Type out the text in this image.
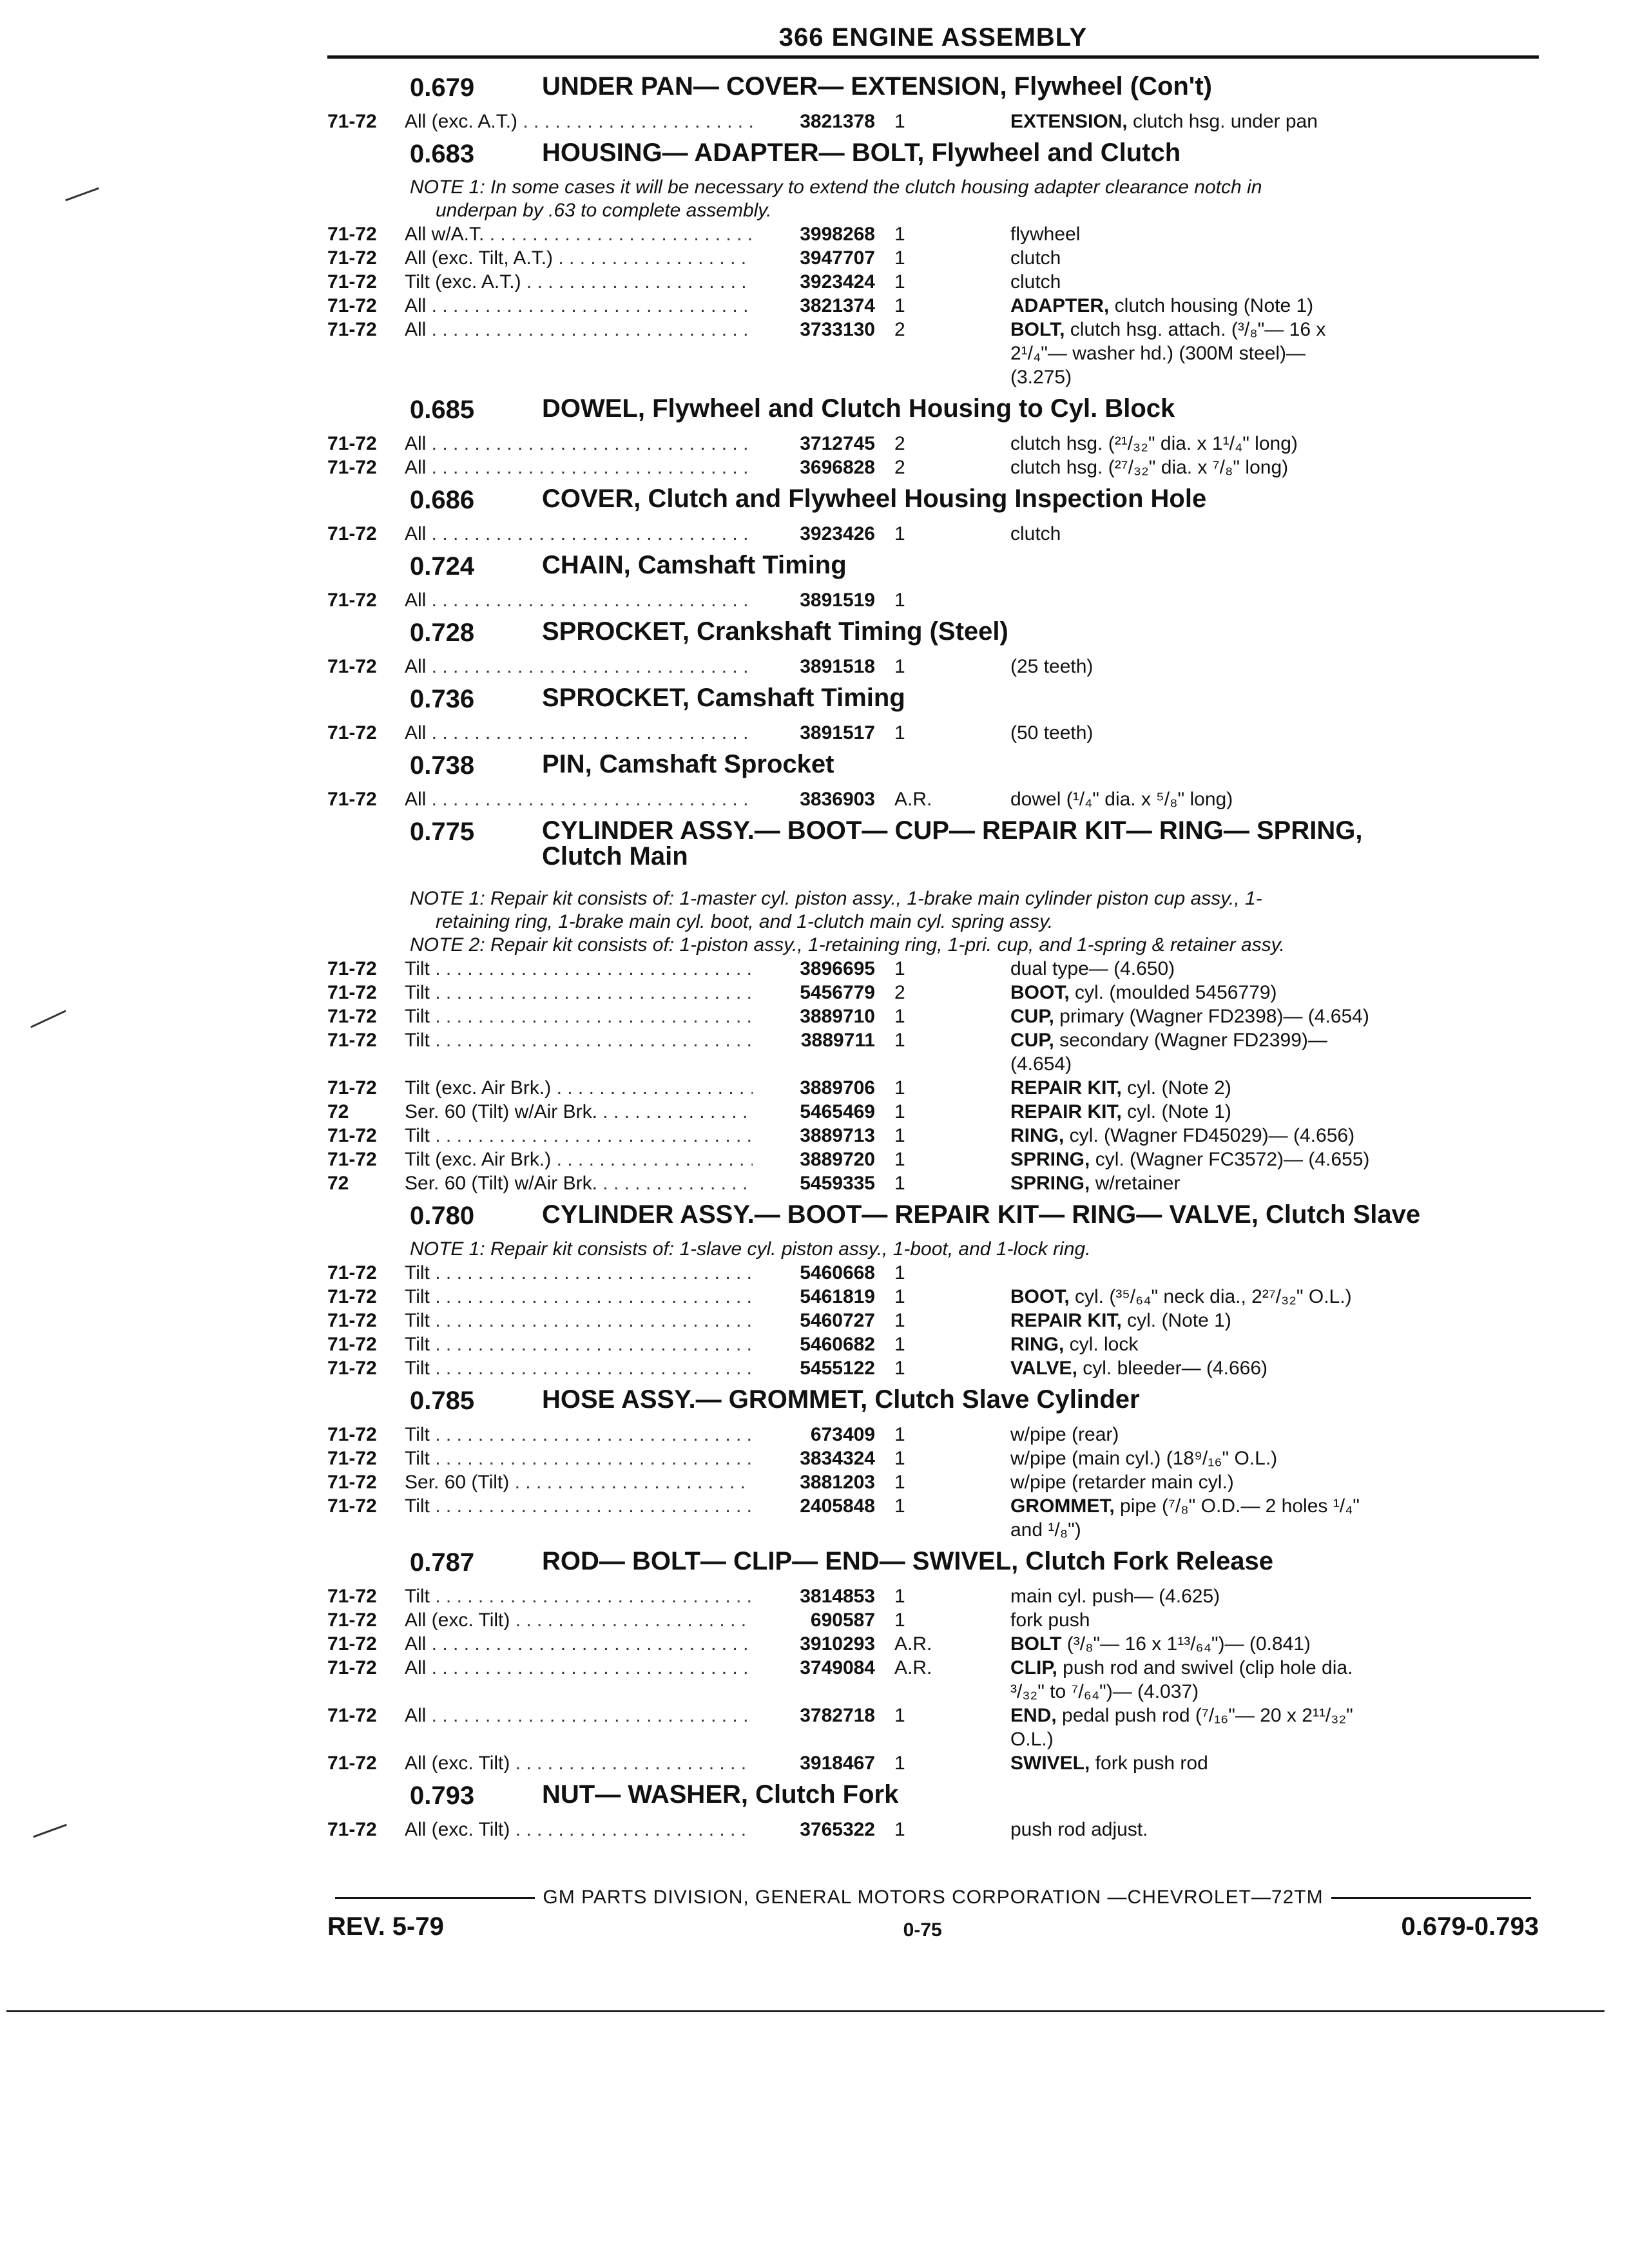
366 ENGINE ASSEMBLY
0.679	UNDER PAN— COVER— EXTENSION, Flywheel (Con't)
71-72	All (exc. A.T.) . . .	3821378	1	EXTENSION, clutch hsg. under pan
0.683	HOUSING— ADAPTER— BOLT, Flywheel and Clutch
NOTE 1: In some cases it will be necessary to extend the clutch housing adapter clearance notch in
underpan by .63 to complete assembly.
71-72	All w/A.T. . . .	3998268	1	flywheel
71-72	All (exc. Tilt, A.T.) . . .	3947707	1	clutch
71-72	Tilt (exc. A.T.) . . .	3923424	1	clutch
71-72	All . . .	3821374	1	ADAPTER, clutch housing (Note 1)
71-72	All . . .	3733130	2	BOLT, clutch hsg. attach. (³/₈"— 16 x
2¹/₄"— washer hd.) (300M steel)—
(3.275)
0.685	DOWEL, Flywheel and Clutch Housing to Cyl. Block
71-72	All . . .	3712745	2	clutch hsg. (²¹/₃₂" dia. x 1¹/₄" long)
71-72	All . . .	3696828	2	clutch hsg. (²⁷/₃₂" dia. x ⁷/₈" long)
0.686	COVER, Clutch and Flywheel Housing Inspection Hole
71-72	All . . .	3923426	1	clutch
0.724	CHAIN, Camshaft Timing
71-72	All . . .	3891519	1
0.728	SPROCKET, Crankshaft Timing (Steel)
71-72	All . . .	3891518	1	(25 teeth)
0.736	SPROCKET, Camshaft Timing
71-72	All . . .	3891517	1	(50 teeth)
0.738	PIN, Camshaft Sprocket
71-72	All . . .	3836903	A.R.	dowel (¹/₄" dia. x ⁵/₈" long)
0.775	CYLINDER ASSY.— BOOT— CUP— REPAIR KIT— RING— SPRING,
Clutch Main
NOTE 1: Repair kit consists of: 1-master cyl. piston assy., 1-brake main cylinder piston cup assy., 1-
retaining ring, 1-brake main cyl. boot, and 1-clutch main cyl. spring assy.
NOTE 2: Repair kit consists of: 1-piston assy., 1-retaining ring, 1-pri. cup, and 1-spring & retainer assy.
71-72	Tilt . . .	3896695	1	dual type— (4.650)
71-72	Tilt . . .	5456779	2	BOOT, cyl. (moulded 5456779)
71-72	Tilt . . .	3889710	1	CUP, primary (Wagner FD2398)— (4.654)
71-72	Tilt . . .	3889711	1	CUP, secondary (Wagner FD2399)—
(4.654)
71-72	Tilt (exc. Air Brk.) . . .	3889706	1	REPAIR KIT, cyl. (Note 2)
72	Ser. 60 (Tilt) w/Air Brk. . . .	5465469	1	REPAIR KIT, cyl. (Note 1)
71-72	Tilt . . .	3889713	1	RING, cyl. (Wagner FD45029)— (4.656)
71-72	Tilt (exc. Air Brk.) . . .	3889720	1	SPRING, cyl. (Wagner FC3572)— (4.655)
72	Ser. 60 (Tilt) w/Air Brk. . . .	5459335	1	SPRING, w/retainer
0.780	CYLINDER ASSY.— BOOT— REPAIR KIT— RING— VALVE, Clutch Slave
NOTE 1: Repair kit consists of: 1-slave cyl. piston assy., 1-boot, and 1-lock ring.
71-72	Tilt . . .	5460668	1
71-72	Tilt . . .	5461819	1	BOOT, cyl. (³⁵/₆₄" neck dia., 2²⁷/₃₂" O.L.)
71-72	Tilt . . .	5460727	1	REPAIR KIT, cyl. (Note 1)
71-72	Tilt . . .	5460682	1	RING, cyl. lock
71-72	Tilt . . .	5455122	1	VALVE, cyl. bleeder— (4.666)
0.785	HOSE ASSY.— GROMMET, Clutch Slave Cylinder
71-72	Tilt . . .	673409	1	w/pipe (rear)
71-72	Tilt . . .	3834324	1	w/pipe (main cyl.) (18⁹/₁₆" O.L.)
71-72	Ser. 60 (Tilt) . . .	3881203	1	w/pipe (retarder main cyl.)
71-72	Tilt . . .	2405848	1	GROMMET, pipe (⁷/₈" O.D.— 2 holes ¹/₄"
and ¹/₈")
0.787	ROD— BOLT— CLIP— END— SWIVEL, Clutch Fork Release
71-72	Tilt . . .	3814853	1	main cyl. push— (4.625)
71-72	All (exc. Tilt) . . .	690587	1	fork push
71-72	All . . .	3910293	A.R.	BOLT (³/₈"— 16 x 1¹³/₆₄")— (0.841)
71-72	All . . .	3749084	A.R.	CLIP, push rod and swivel (clip hole dia.
³/₃₂" to ⁷/₆₄")— (4.037)
71-72	All . . .	3782718	1	END, pedal push rod (⁷/₁₆"— 20 x 2¹¹/₃₂"
O.L.)
71-72	All (exc. Tilt) . . .	3918467	1	SWIVEL, fork push rod
0.793	NUT— WASHER, Clutch Fork
71-72	All (exc. Tilt) . . .	3765322	1	push rod adjust.
GM PARTS DIVISION, GENERAL MOTORS CORPORATION —CHEVROLET—72TM
REV. 5-79	0-75	0.679-0.793
